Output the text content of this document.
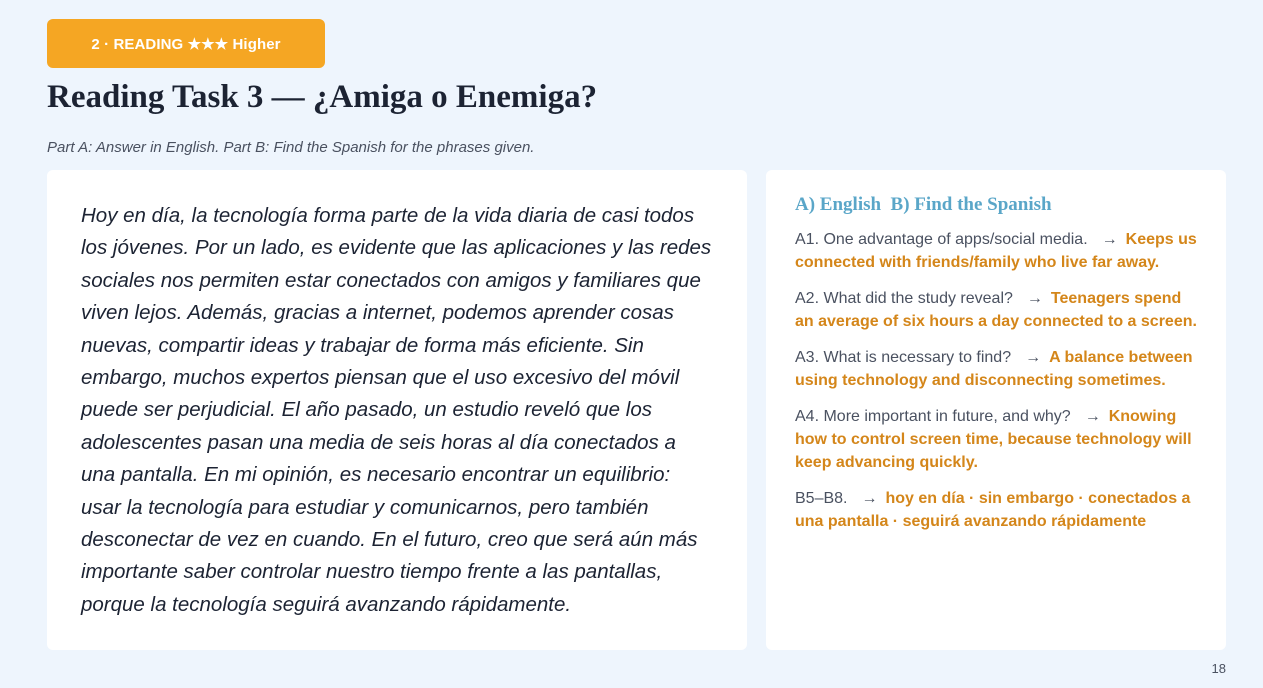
2 · READING ★★★ Higher
Reading Task 3 — ¿Amiga o Enemiga?

Part A: Answer in English. Part B: Find the Spanish for the phrases given.

Hoy en día, la tecnología forma parte de la vida diaria de casi todos los jóvenes. Por un lado, es evidente que las aplicaciones y las redes sociales nos permiten estar conectados con amigos y familiares que viven lejos. Además, gracias a internet, podemos aprender cosas nuevas, compartir ideas y trabajar de forma más eficiente. Sin embargo, muchos expertos piensan que el uso excesivo del móvil puede ser perjudicial. El año pasado, un estudio reveló que los adolescentes pasan una media de seis horas al día conectados a una pantalla. En mi opinión, es necesario encontrar un equilibrio: usar la tecnología para estudiar y comunicarnos, pero también desconectar de vez en cuando. En el futuro, creo que será aún más importante saber controlar nuestro tiempo frente a las pantallas, porque la tecnología seguirá avanzando rápidamente.

A) English  B) Find the Spanish

A1. One advantage of apps/social media. → Keeps us connected with friends/family who live far away.

A2. What did the study reveal? → Teenagers spend an average of six hours a day connected to a screen.

A3. What is necessary to find? → A balance between using technology and disconnecting sometimes.

A4. More important in future, and why? → Knowing how to control screen time, because technology will keep advancing quickly.

B5–B8. → hoy en día · sin embargo · conectados a una pantalla · seguirá avanzando rápidamente

18
